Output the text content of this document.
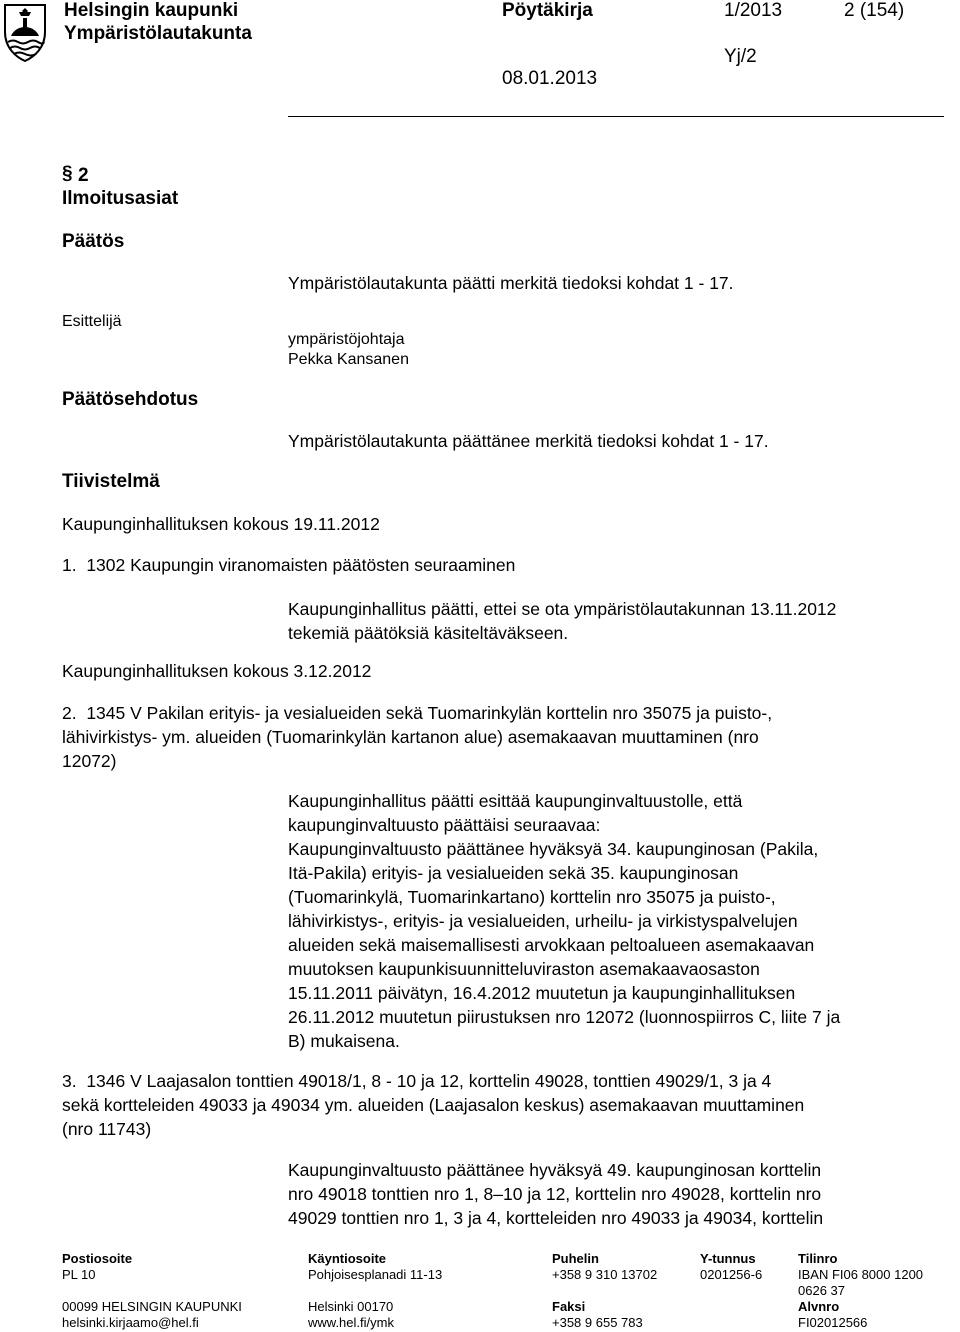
Helsingin kaupunki
Ympäristölautakunta
Pöytäkirja	1/2013	2 (154)
Yj/2
08.01.2013
§ 2
Ilmoitusasiat
Päätös
Ympäristölautakunta päätti merkitä tiedoksi kohdat 1 - 17.
Esittelijä
ympäristöjohtaja
Pekka Kansanen
Päätösehdotus
Ympäristölautakunta päättänee merkitä tiedoksi kohdat 1 - 17.
Tiivistelmä
Kaupunginhallituksen kokous 19.11.2012
1.  1302 Kaupungin viranomaisten päätösten seuraaminen
Kaupunginhallitus päätti, ettei se ota ympäristölautakunnan 13.11.2012
tekemiä päätöksiä käsiteltäväkseen.
Kaupunginhallituksen kokous 3.12.2012
2.  1345 V Pakilan erityis- ja vesialueiden sekä Tuomarinkylän korttelin nro 35075 ja puisto-,
lähivirkistys- ym. alueiden (Tuomarinkylän kartanon alue) asemakaavan muuttaminen (nro
12072)
Kaupunginhallitus päätti esittää kaupunginvaltuustolle, että
kaupunginvaltuusto päättäisi seuraavaa:
Kaupunginvaltuusto päättänee hyväksyä 34. kaupunginosan (Pakila,
Itä-Pakila) erityis- ja vesialueiden sekä 35. kaupunginosan
(Tuomarinkylä, Tuomarinkartano) korttelin nro 35075 ja puisto-,
lähivirkistys-, erityis- ja vesialueiden, urheilu- ja virkistyspalvelujen
alueiden sekä maisemallisesti arvokkaan peltoalueen asemakaavan
muutoksen kaupunkisuunnitteluviraston asemakaavaosaston
15.11.2011 päivätyn, 16.4.2012 muutetun ja kaupunginhallituksen
26.11.2012 muutetun piirustuksen nro 12072 (luonnospiirros C, liite 7 ja
B) mukaisena.
3.  1346 V Laajasalon tonttien 49018/1, 8 - 10 ja 12, korttelin 49028, tonttien 49029/1, 3 ja 4
sekä kortteleiden 49033 ja 49034 ym. alueiden (Laajasalon keskus) asemakaavan muuttaminen
(nro 11743)
Kaupunginvaltuusto päättänee hyväksyä 49. kaupunginosan korttelin
nro 49018 tonttien nro 1, 8–10 ja 12, korttelin nro 49028, korttelin nro
49029 tonttien nro 1, 3 ja 4, kortteleiden nro 49033 ja 49034, korttelin
Postiosoite
PL 10
00099 HELSINGIN KAUPUNKI
helsinki.kirjaamo@hel.fi
Käyntiosoite
Pohjoisesplanadi 11-13
Helsinki 00170
www.hel.fi/ymk
Puhelin
+358 9 310 13702
Faksi
+358 9 655 783
Y-tunnus
0201256-6
Tilinro
IBAN FI06 8000 1200
0626 37
Alvnro
FI02012566
